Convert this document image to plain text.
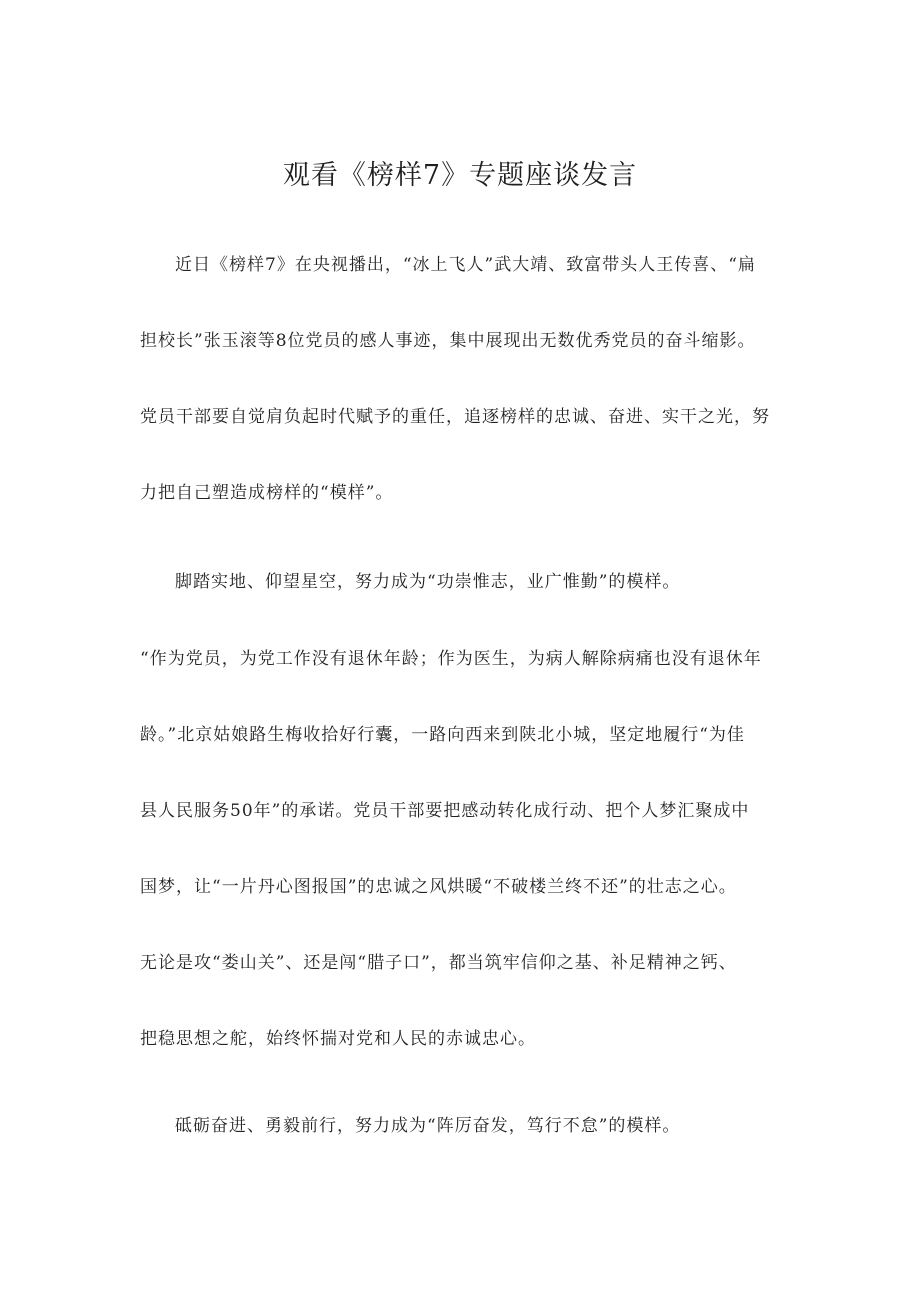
观看《榜样7》专题座谈发言
近日《榜样7》在央视播出，“冰上飞人”武大靖、致富带头人王传喜、“扁
担校长”张玉滚等8位党员的感人事迹，集中展现出无数优秀党员的奋斗缩影。
党员干部要自觉肩负起时代赋予的重任，追逐榜样的忠诚、奋进、实干之光，努
力把自己塑造成榜样的“模样”。
脚踏实地、仰望星空，努力成为“功崇惟志，业广惟勤”的模样。
“作为党员，为党工作没有退休年龄；作为医生，为病人解除病痛也没有退休年
龄。”北京姑娘路生梅收拾好行囊，一路向西来到陕北小城，坚定地履行“为佳
县人民服务50年”的承诺。党员干部要把感动转化成行动、把个人梦汇聚成中
国梦，让“一片丹心图报国”的忠诚之风烘暖“不破楼兰终不还”的壮志之心。
无论是攻“娄山关”、还是闯“腊子口”，都当筑牢信仰之基、补足精神之钙、
把稳思想之舵，始终怀揣对党和人民的赤诚忠心。
砥砺奋进、勇毅前行，努力成为“阵厉奋发，笃行不怠”的模样。
